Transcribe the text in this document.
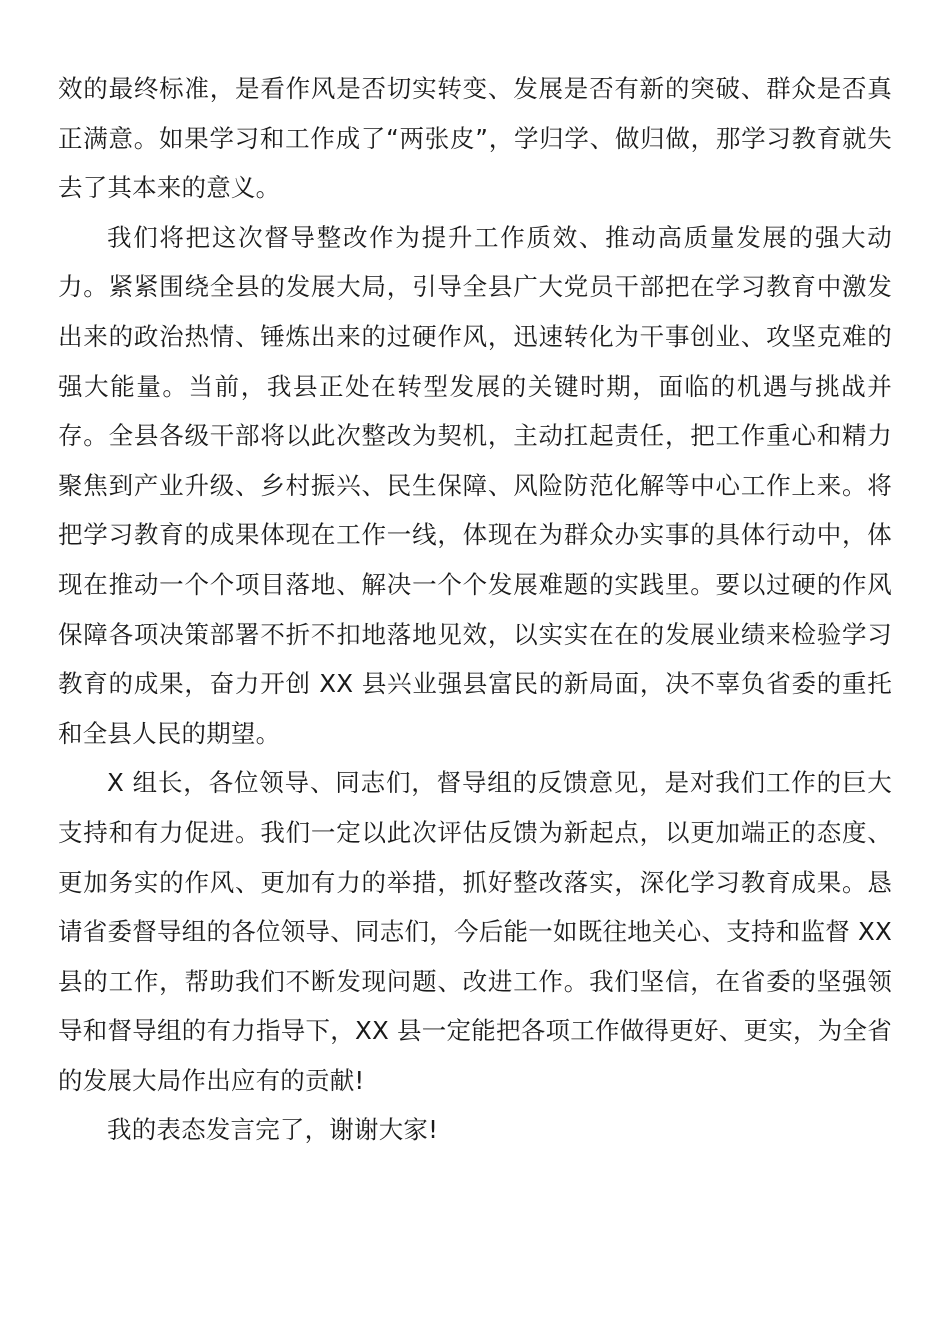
效的最终标准，是看作风是否切实转变、发展是否有新的突破、群众是否真正满意。如果学习和工作成了“两张皮”，学归学、做归做，那学习教育就失去了其本来的意义。

我们将把这次督导整改作为提升工作质效、推动高质量发展的强大动力。紧紧围绕全县的发展大局，引导全县广大党员干部把在学习教育中激发出来的政治热情、锤炼出来的过硬作风，迅速转化为干事创业、攻坚克难的强大能量。当前，我县正处在转型发展的关键时期，面临的机遇与挑战并存。全县各级干部将以此次整改为契机，主动扛起责任，把工作重心和精力聚焦到产业升级、乡村振兴、民生保障、风险防范化解等中心工作上来。将把学习教育的成果体现在工作一线，体现在为群众办实事的具体行动中，体现在推动一个个项目落地、解决一个个发展难题的实践里。要以过硬的作风保障各项决策部署不折不扣地落地见效，以实实在在的发展业绩来检验学习教育的成果，奋力开创 XX 县兴业强县富民的新局面，决不辜负省委的重托和全县人民的期望。

X 组长，各位领导、同志们，督导组的反馈意见，是对我们工作的巨大支持和有力促进。我们一定以此次评估反馈为新起点，以更加端正的态度、更加务实的作风、更加有力的举措，抓好整改落实，深化学习教育成果。恳请省委督导组的各位领导、同志们，今后能一如既往地关心、支持和监督 XX 县的工作，帮助我们不断发现问题、改进工作。我们坚信，在省委的坚强领导和督导组的有力指导下，XX 县一定能把各项工作做得更好、更实，为全省的发展大局作出应有的贡献!

我的表态发言完了，谢谢大家!
